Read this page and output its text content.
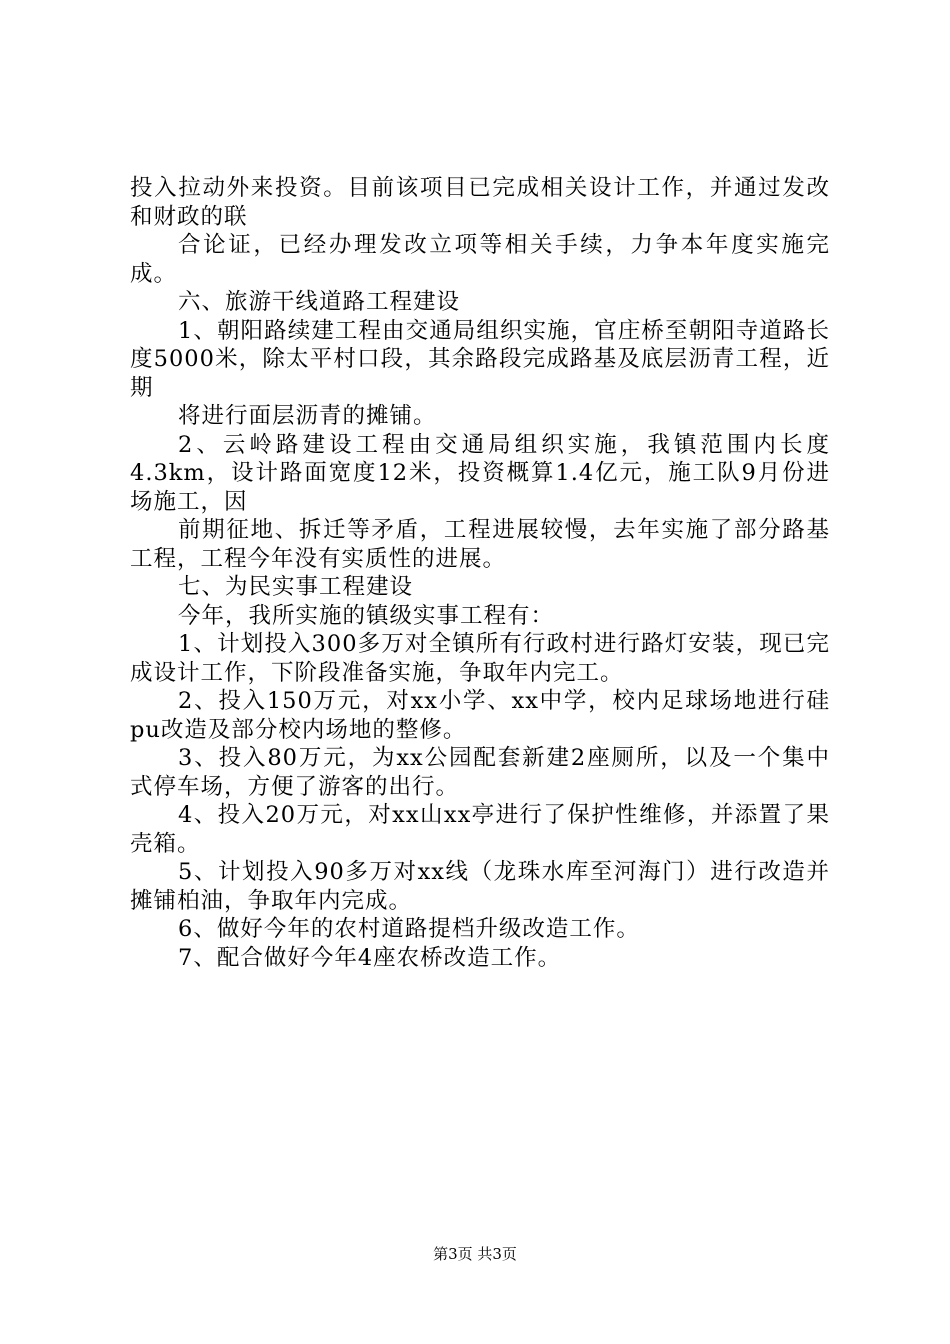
投入拉动外来投资。目前该项目已完成相关设计工作，并通过发改和财政的联

合论证，已经办理发改立项等相关手续，力争本年度实施完成。

六、旅游干线道路工程建设

1、朝阳路续建工程由交通局组织实施，官庄桥至朝阳寺道路长度5000米，除太平村口段，其余路段完成路基及底层沥青工程，近期

将进行面层沥青的摊铺。

2、云岭路建设工程由交通局组织实施，我镇范围内长度4.3km，设计路面宽度12米，投资概算1.4亿元，施工队9月份进场施工，因

前期征地、拆迁等矛盾，工程进展较慢，去年实施了部分路基工程，工程今年没有实质性的进展。

七、为民实事工程建设

今年，我所实施的镇级实事工程有：

1、计划投入300多万对全镇所有行政村进行路灯安装，现已完成设计工作，下阶段准备实施，争取年内完工。

2、投入150万元，对xx小学、xx中学，校内足球场地进行硅pu改造及部分校内场地的整修。

3、投入80万元，为xx公园配套新建2座厕所，以及一个集中式停车场，方便了游客的出行。

4、投入20万元，对xx山xx亭进行了保护性维修，并添置了果壳箱。

5、计划投入90多万对xx线（龙珠水库至河海门）进行改造并摊铺柏油，争取年内完成。

6、做好今年的农村道路提档升级改造工作。

7、配合做好今年4座农桥改造工作。

第3页 共3页
